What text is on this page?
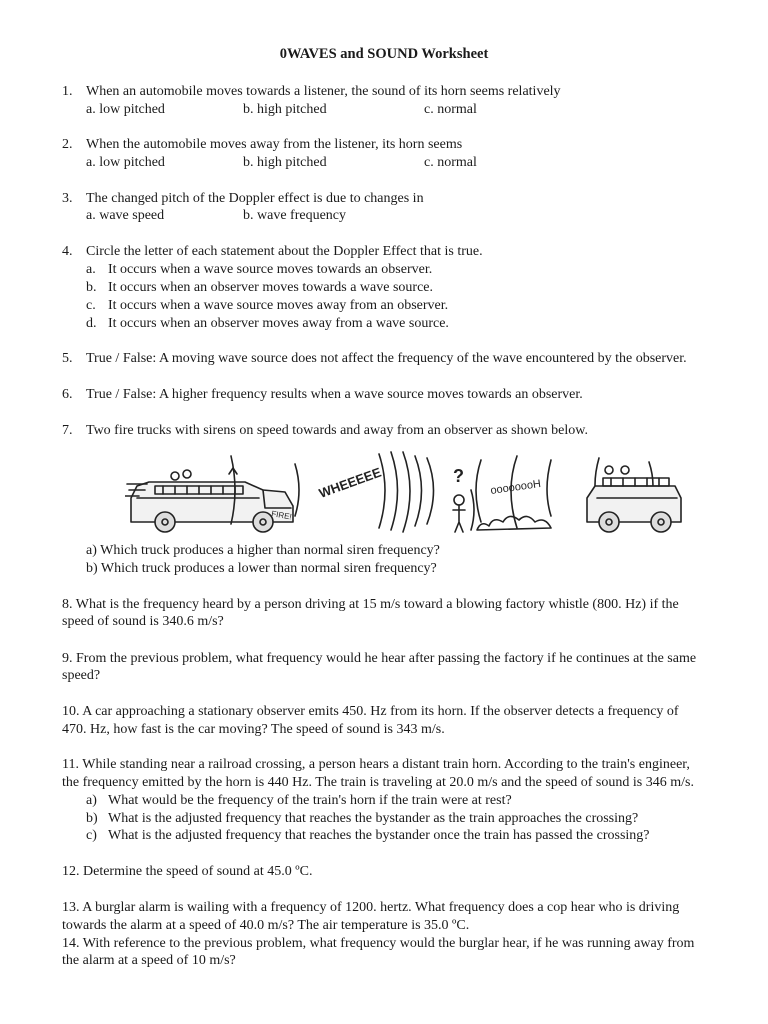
0WAVES and SOUND Worksheet
1. When an automobile moves towards a listener, the sound of its horn seems relatively
a. low pitched	b. high pitched	c. normal
2. When the automobile moves away from the listener, its horn seems
a. low pitched	b. high pitched	c. normal
3. The changed pitch of the Doppler effect is due to changes in
a. wave speed	b. wave frequency
4. Circle the letter of each statement about the Doppler Effect that is true.
a. It occurs when a wave source moves towards an observer.
b. It occurs when an observer moves towards a wave source.
c. It occurs when a wave source moves away from an observer.
d. It occurs when an observer moves away from a wave source.
5. True / False: A moving wave source does not affect the frequency of the wave encountered by the observer.
6. True / False: A higher frequency results when a wave source moves towards an observer.
7. Two fire trucks with sirens on speed towards and away from an observer as shown below.
WHEEEEE	oooooooH
FIRE!
?
a) Which truck produces a higher than normal siren frequency?
b) Which truck produces a lower than normal siren frequency?
8. What is the frequency heard by a person driving at 15 m/s toward a blowing factory whistle (800. Hz) if the
speed of sound is 340.6 m/s?
9. From the previous problem, what frequency would he hear after passing the factory if he continues at the same
speed?
10. A car approaching a stationary observer emits 450. Hz from its horn. If the observer detects a frequency of
470. Hz, how fast is the car moving? The speed of sound is 343 m/s.
11. While standing near a railroad crossing, a person hears a distant train horn. According to the train's engineer,
the frequency emitted by the horn is 440 Hz. The train is traveling at 20.0 m/s and the speed of sound is 346 m/s.
a) What would be the frequency of the train's horn if the train were at rest?
b) What is the adjusted frequency that reaches the bystander as the train approaches the crossing?
c) What is the adjusted frequency that reaches the bystander once the train has passed the crossing?
12. Determine the speed of sound at 45.0 ºC.
13. A burglar alarm is wailing with a frequency of 1200. hertz. What frequency does a cop hear who is driving
towards the alarm at a speed of 40.0 m/s? The air temperature is 35.0 ºC.
14. With reference to the previous problem, what frequency would the burglar hear, if he was running away from
the alarm at a speed of 10 m/s?
